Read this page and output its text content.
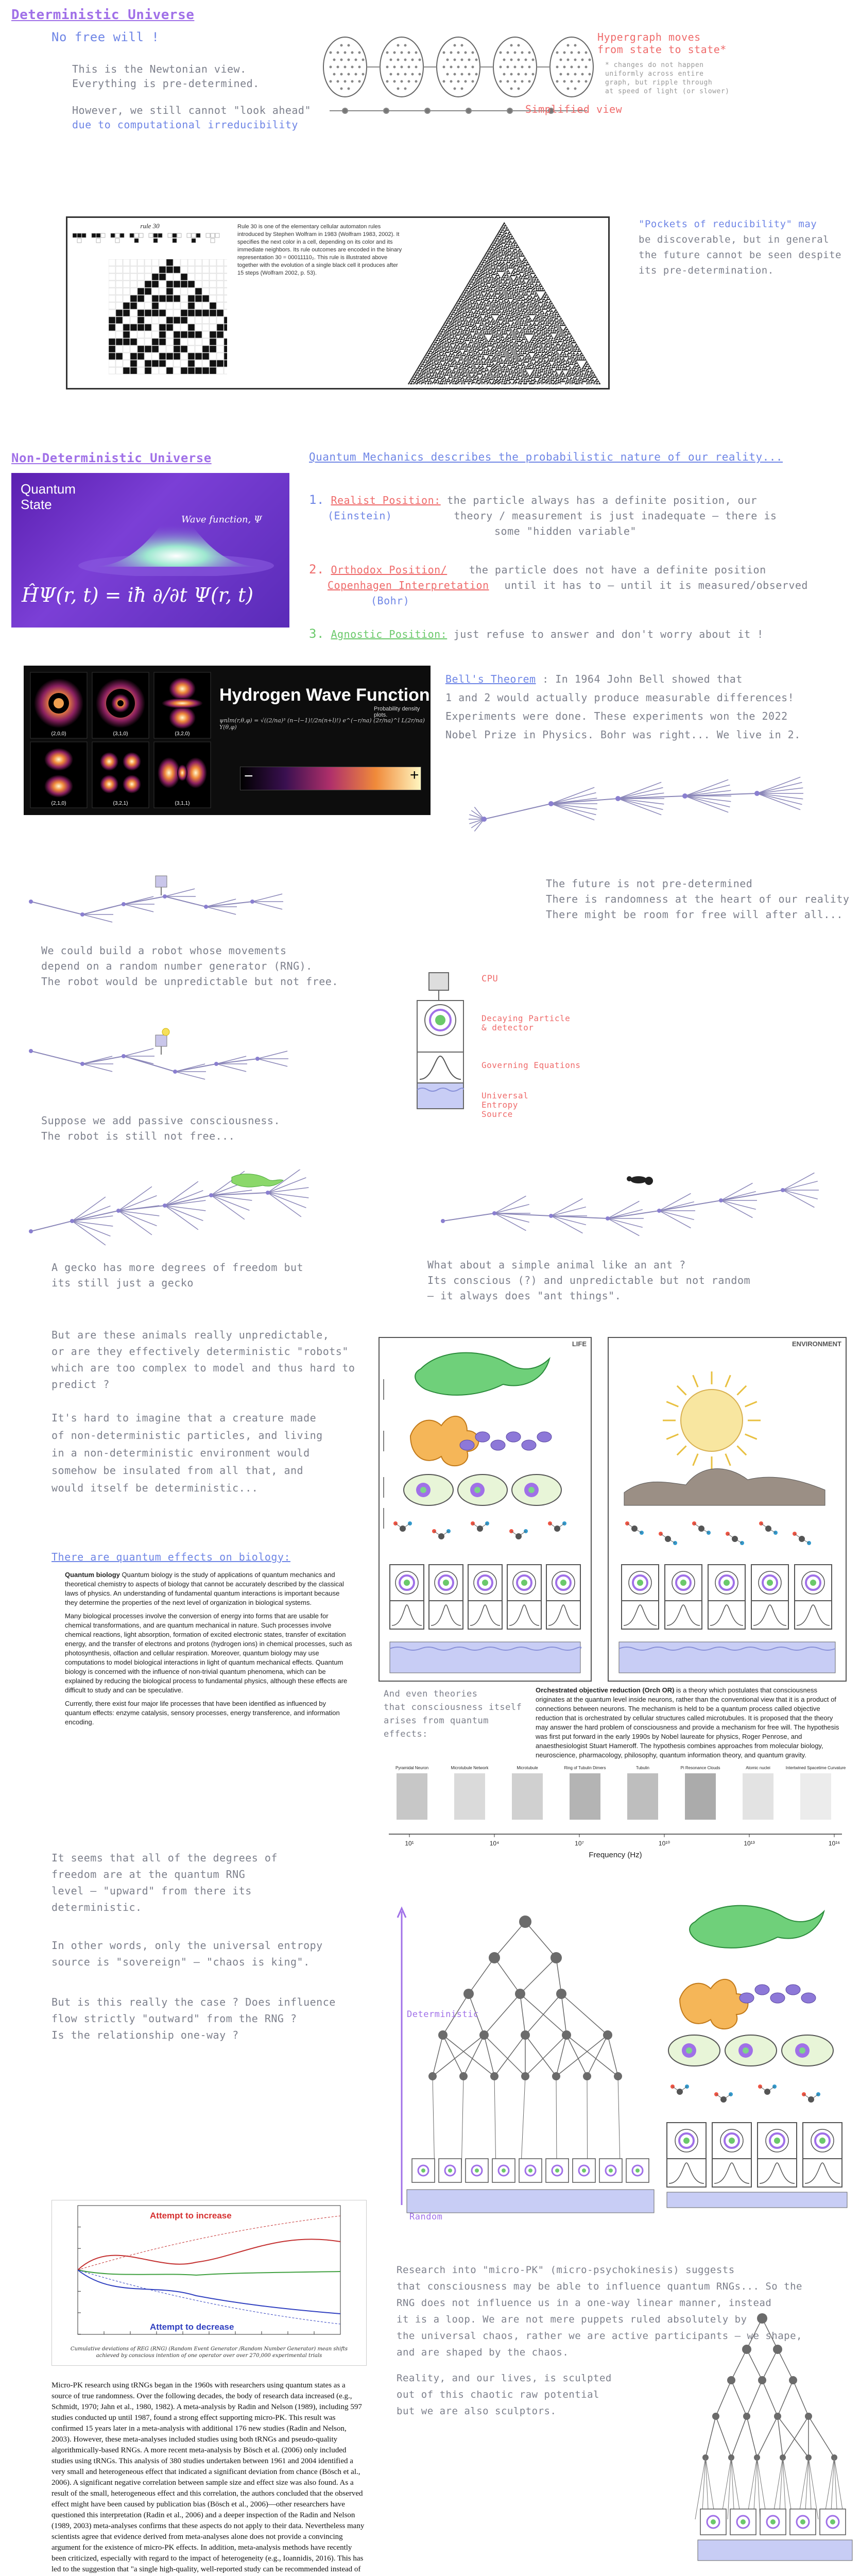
Deterministic Universe
No free will !
This is the Newtonian view.
Everything is pre-determined.
However, we still cannot "look ahead"
due to computational irreducibility
Hypergraph moves
from state to state*
* changes do not happen
uniformly across entire
graph, but ripple through
at speed of light (or slower)
Simplified view
rule 30	Rule 30 is one of the elementary cellular automaton rules introduced by Stephen Wolfram in 1983 (Wolfram 1983, 2002). It specifies the next color in a cell, depending on its color and its immediate neighbors. Its rule outcomes are encoded in the binary representation 30 = 00011110₂. This rule is illustrated above together with the evolution of a single black cell it produces after 15 steps (Wolfram 2002, p. 53).
"Pockets of reducibility" may
be discoverable, but in general
the future cannot be seen despite
its pre-determination.
Non-Deterministic Universe	Quantum Mechanics describes the probabilistic nature of our reality...
Quantum
State
Wave function, Ψ
ĤΨ(r, t) = iħ ∂/∂t Ψ(r, t)
1. Realist Position: the particle always has a definite position, our
(Einstein)	theory / measurement is just inadequate — there is
some "hidden variable"
2. Orthodox Position/ the particle does not have a definite position
Copenhagen Interpretation until it has to — until it is measured/observed
(Bohr)
3. Agnostic Position: just refuse to answer and don't worry about it !
(2,0,0)	(3,1,0)	(3,2,0)
(2,1,0)	(3,2,1)	(3,1,1)
Hydrogen Wave Function
Probability density plots.
ψnlm(r,θ,φ) = √((2/na)³ (n−l−1)!/2n(n+l)!) e^(−r/na) (2r/na)^l L(2r/na) Y(θ,φ)
−	+
Bell's Theorem : In 1964 John Bell showed that
1 and 2 would actually produce measurable differences!
Experiments were done. These experiments won the 2022
Nobel Prize in Physics. Bohr was right... We live in 2.
The future is not pre-determined
There is randomness at the heart of our reality
There might be room for free will after all...
We could build a robot whose movements
depend on a random number generator (RNG).
The robot would be unpredictable but not free.	CPU
Decaying Particle
& detector
Governing Equations
Universal
Entropy
Source
Suppose we add passive consciousness.
The robot is still not free...
A gecko has more degrees of freedom but
its still just a gecko
What about a simple animal like an ant ?
Its conscious (?) and unpredictable but not random
— it always does "ant things".
But are these animals really unpredictable,
or are they effectively deterministic "robots"
which are too complex to model and thus hard to
predict ?
It's hard to imagine that a creature made
of non-deterministic particles, and living
in a non-deterministic environment would
somehow be insulated from all that, and
would itself be deterministic...
There are quantum effects on biology:
LIFE	ENVIRONMENT

Quantum biology Quantum biology is the study of applications of quantum mechanics and theoretical chemistry to aspects of biology that cannot be accurately described by the classical laws of physics. An understanding of fundamental quantum interactions is important because they determine the properties of the next level of organization in biological systems.

Many biological processes involve the conversion of energy into forms that are usable for chemical transformations, and are quantum mechanical in nature. Such processes involve chemical reactions, light absorption, formation of excited electronic states, transfer of excitation energy, and the transfer of electrons and protons (hydrogen ions) in chemical processes, such as photosynthesis, olfaction and cellular respiration. Moreover, quantum biology may use computations to model biological interactions in light of quantum mechanical effects. Quantum biology is concerned with the influence of non-trivial quantum phenomena, which can be explained by reducing the biological process to fundamental physics, although these effects are difficult to study and can be speculative.

Currently, there exist four major life processes that have been identified as influenced by quantum effects: enzyme catalysis, sensory processes, energy transference, and information encoding.

And even theories
that consciousness itself
arises from quantum
effects:
Orchestrated objective reduction (Orch OR) is a theory which postulates that consciousness originates at the quantum level inside neurons, rather than the conventional view that it is a product of connections between neurons. The mechanism is held to be a quantum process called objective reduction that is orchestrated by cellular structures called microtubules. It is proposed that the theory may answer the hard problem of consciousness and provide a mechanism for free will. The hypothesis was first put forward in the early 1990s by Nobel laureate for physics, Roger Penrose, and anaesthesiologist Stuart Hameroff. The hypothesis combines approaches from molecular biology, neuroscience, pharmacology, philosophy, quantum information theory, and quantum gravity.
Pyramidal Neuron	Microtubule Network	Microtubule	Ring of Tubulin Dimers	Tubulin	Pi Resonance Clouds	Atomic nuclei	Intertwined Spacetime Curvature
10¹	10⁴	10⁷	10¹⁰	10¹³	10¹⁶
Frequency (Hz)
It seems that all of the degrees of
freedom are at the quantum RNG
level — "upward" from there its
deterministic.
In other words, only the universal entropy
source is "sovereign" — "chaos is king".
But is this really the case ? Does influence
flow strictly "outward" from the RNG ?
Is the relationship one-way ?
Deterministic
Random
Attempt to increase
Attempt to decrease
Cumulative deviations of REG (RNG) (Random Event Generator /Random Number Generator) mean shifts achieved by conscious intention of one operator over over 270,000 experimental trials
Micro-PK research using tRNGs began in the 1960s with researchers using quantum states as a source of true randomness. Over the following decades, the body of research data increased (e.g., Schmidt, 1970; Jahn et al., 1980, 1982). A meta-analysis by Radin and Nelson (1989), including 597 studies conducted up until 1987, found a strong effect supporting micro-PK. This result was confirmed 15 years later in a meta-analysis with additional 176 new studies (Radin and Nelson, 2003). However, these meta-analyses included studies using both tRNGs and pseudo-quality algorithmically-based RNGs. A more recent meta-analysis by Bösch et al. (2006) only included studies using tRNGs. This analysis of 380 studies undertaken between 1961 and 2004 identified a very small and heterogeneous effect that indicated a significant deviation from chance (Bösch et al., 2006). A significant negative correlation between sample size and effect size was also found. As a result of the small, heterogeneous effect and this correlation, the authors concluded that the observed effect might have been caused by publication bias (Bösch et al., 2006)—other researchers have questioned this interpretation (Radin et al., 2006) and a deeper inspection of the Radin and Nelson (1989, 2003) meta-analyses confirms that these aspects do not apply to their data. Nevertheless many scientists agree that evidence derived from meta-analyses alone does not provide a convincing argument for the existence of micro-PK effects. In addition, meta-analysis methods have recently been criticized, especially with regard to the impact of heterogeneity (e.g., Ioannidis, 2016). This has led to the suggestion that "a single high-quality, well-reported study can be recommended instead of
Research into "micro-PK" (micro-psychokinesis) suggests
that consciousness may be able to influence quantum RNGs... So the
RNG does not influence us in a one-way linear manner, instead
it is a loop. We are not mere puppets ruled absolutely by
the universal chaos, rather we are active participants — we shape,
and are shaped by the chaos.
Reality, and our lives, is sculpted
out of this chaotic raw potential
but we are also sculptors.
